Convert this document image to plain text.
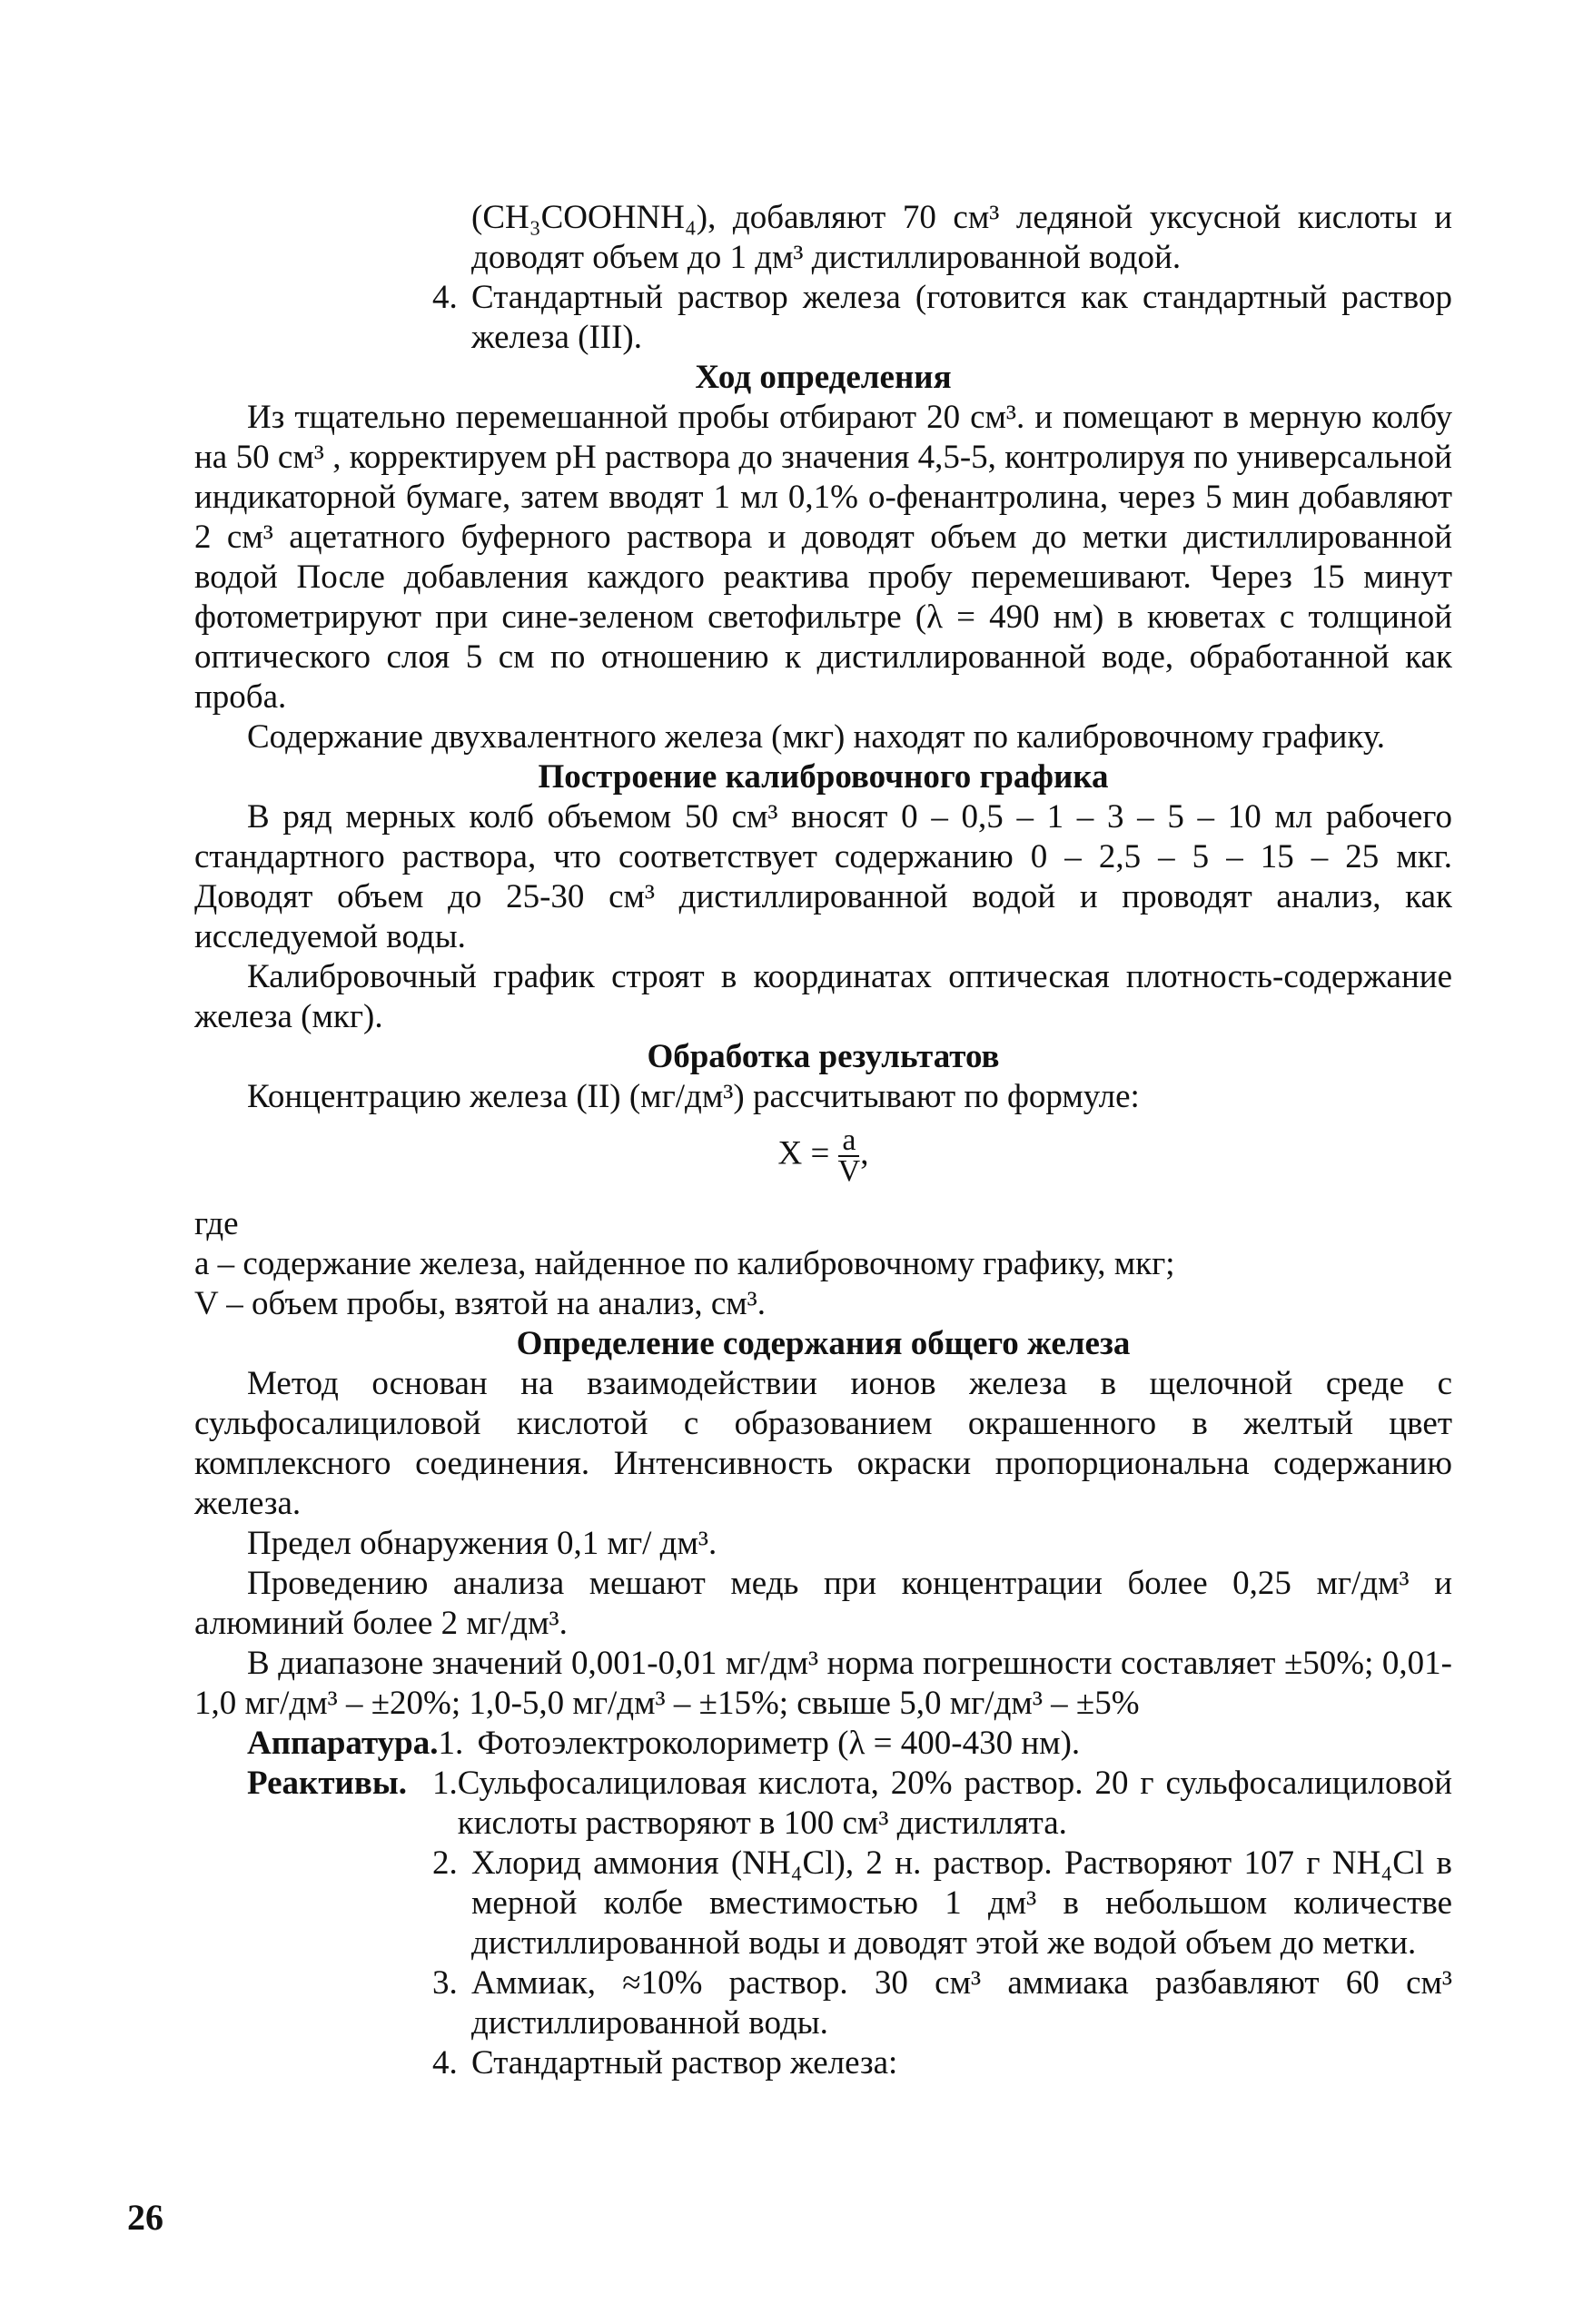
(CH₃COOHNH₄), добавляют 70 см³ ледяной уксусной кислоты и доводят объем до 1 дм³ дистиллированной водой.

4. Стандартный раствор железа (готовится как стандартный раствор железа (III).

Ход определения

Из тщательно перемешанной пробы отбирают 20 см³. и помещают в мерную колбу на 50 см³ , корректируем pH раствора до значения 4,5-5, контролируя по универсальной индикаторной бумаге, затем вводят 1 мл 0,1% о-фенантролина, через 5 мин добавляют 2 см³ ацетатного буферного раствора и доводят объем до метки дистиллированной водой После добавления каждого реактива пробу перемешивают. Через 15 минут фотометрируют при сине-зеленом светофильтре (λ = 490 нм) в кюветах с толщиной оптического слоя 5 см по отношению к дистиллированной воде, обработанной как проба.

Содержание двухвалентного железа (мкг) находят по калибровочному графику.

Построение калибровочного графика

В ряд мерных колб объемом 50 см³ вносят 0 – 0,5 – 1 – 3 – 5 – 10 мл рабочего стандартного раствора, что соответствует содержанию 0 – 2,5 – 5 – 15 – 25 мкг. Доводят объем до 25-30 см³ дистиллированной водой и проводят анализ, как исследуемой воды.

Калибровочный график строят в координатах оптическая плотность-содержание железа (мкг).

Обработка результатов

Концентрацию железа (II) (мг/дм³) рассчитывают по формуле:

$X = \frac{a}{V}$ ,

где

а – содержание железа, найденное по калибровочному графику, мкг;

V – объем пробы, взятой на анализ, см³.

Определение содержания общего железа

Метод основан на взаимодействии ионов железа в щелочной среде с сульфосалициловой кислотой с образованием окрашенного в желтый цвет комплексного соединения. Интенсивность окраски пропорциональна содержанию железа.

Предел обнаружения 0,1 мг/ дм³.

Проведению анализа мешают медь при концентрации более 0,25 мг/дм³ и алюминий более 2 мг/дм³.

В диапазоне значений 0,001-0,01 мг/дм³ норма погрешности составляет ±50%; 0,01-1,0 мг/дм³ – ±20%; 1,0-5,0 мг/дм³ – ±15%; свыше 5,0 мг/дм³ – ±5%

Аппаратура. 1. Фотоэлектроколориметр (λ = 400-430 нм).
Реактивы. 1. Сульфосалициловая кислота, 20% раствор. 20 г сульфосалициловой кислоты растворяют в 100 см³ дистиллята.
2. Хлорид аммония (NH₄Cl), 2 н. раствор. Растворяют 107 г NH₄Cl в мерной колбе вместимостью 1 дм³ в небольшом количестве дистиллированной воды и доводят этой же водой объем до метки.
3. Аммиак, ≈10% раствор. 30 см³ аммиака разбавляют 60 см³ дистиллированной воды.
4. Стандартный раствор железа:
26
